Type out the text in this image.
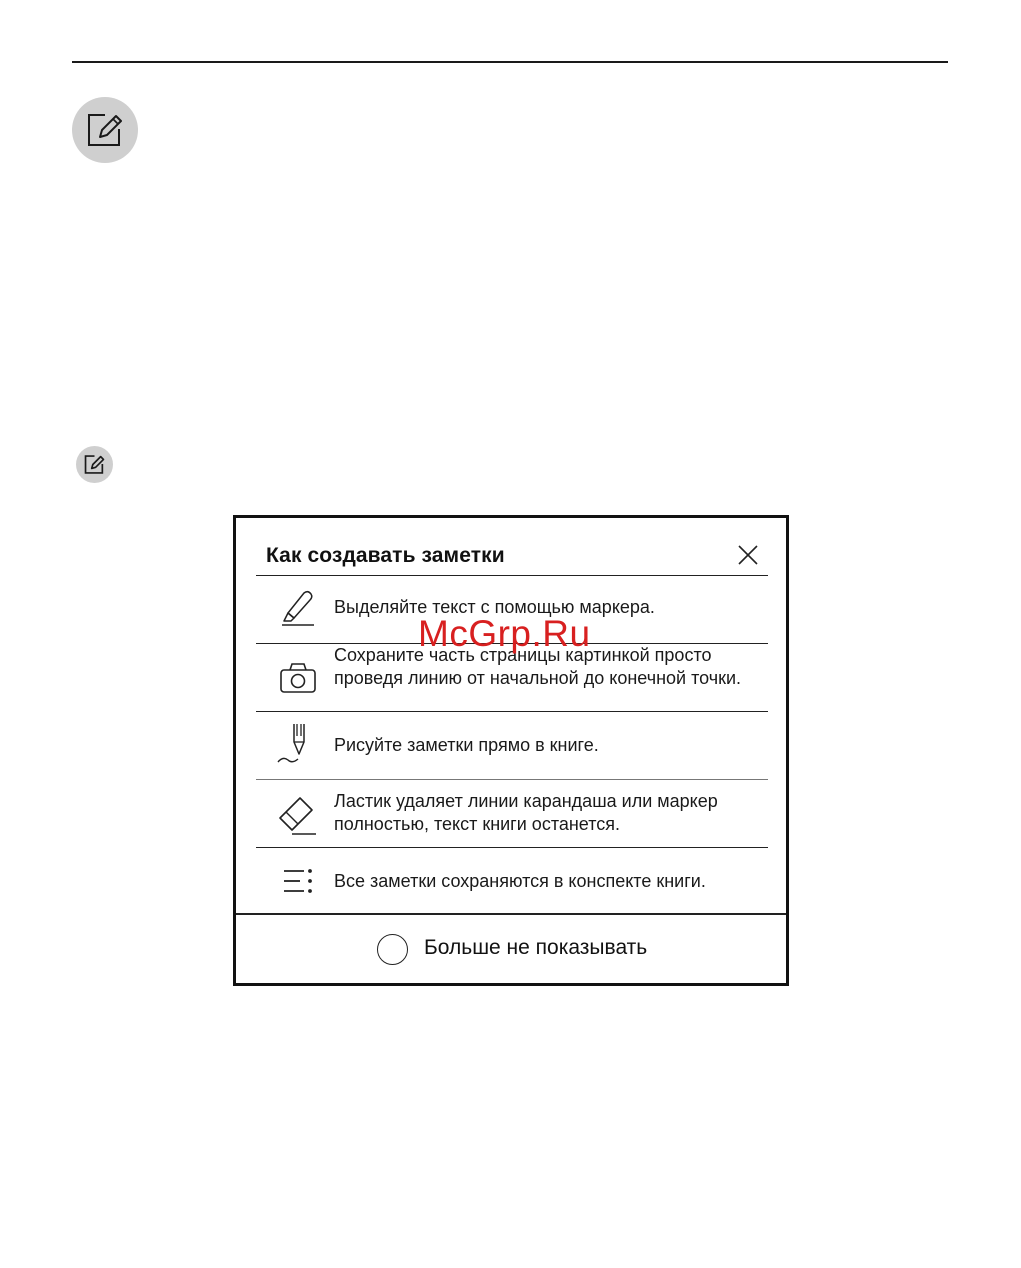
Как создавать заметки
Выделяйте текст с помощью маркера.
Сохраните часть страницы картинкой просто проведя линию от начальной до конечной точки.
Рисуйте заметки прямо в книге.
Ластик удаляет линии карандаша или маркер полностью, текст книги останется.
Все заметки сохраняются в конспекте книги.
Больше не показывать
McGrp.Ru
